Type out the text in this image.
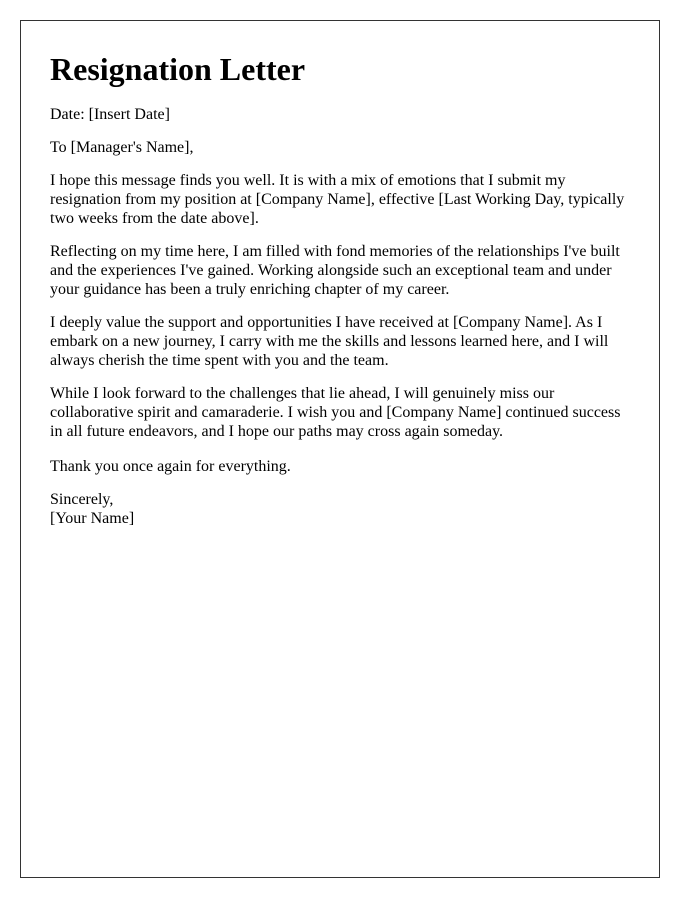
Resignation Letter

Date: [Insert Date]

To [Manager's Name],

I hope this message finds you well. It is with a mix of emotions that I submit my resignation from my position at [Company Name], effective [Last Working Day, typically two weeks from the date above].

Reflecting on my time here, I am filled with fond memories of the relationships I've built and the experiences I've gained. Working alongside such an exceptional team and under your guidance has been a truly enriching chapter of my career.

I deeply value the support and opportunities I have received at [Company Name]. As I embark on a new journey, I carry with me the skills and lessons learned here, and I will always cherish the time spent with you and the team.

While I look forward to the challenges that lie ahead, I will genuinely miss our collaborative spirit and camaraderie. I wish you and [Company Name] continued success in all future endeavors, and I hope our paths may cross again someday.

Thank you once again for everything.

Sincerely,
[Your Name]
